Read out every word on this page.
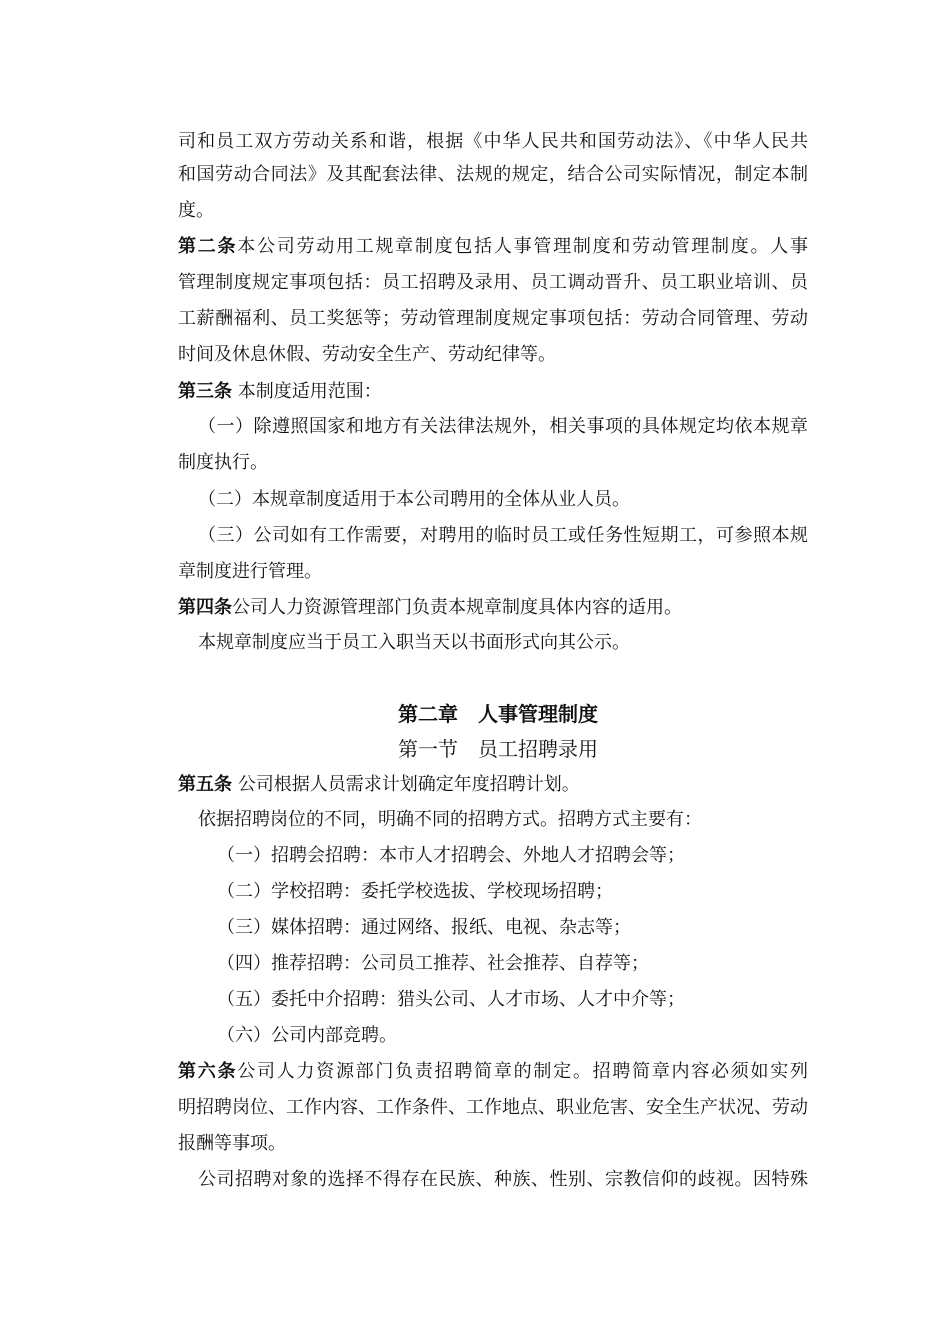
司和员工双方劳动关系和谐，根据《中华人民共和国劳动法》、《中华人民共
和国劳动合同法》及其配套法律、法规的规定，结合公司实际情况，制定本制
度。
第二条本公司劳动用工规章制度包括人事管理制度和劳动管理制度。人事
管理制度规定事项包括：员工招聘及录用、员工调动晋升、员工职业培训、员
工薪酬福利、员工奖惩等；劳动管理制度规定事项包括：劳动合同管理、劳动
时间及休息休假、劳动安全生产、劳动纪律等。
第三条 本制度适用范围：
（一）除遵照国家和地方有关法律法规外，相关事项的具体规定均依本规章
制度执行。
（二）本规章制度适用于本公司聘用的全体从业人员。
（三）公司如有工作需要，对聘用的临时员工或任务性短期工，可参照本规
章制度进行管理。
第四条公司人力资源管理部门负责本规章制度具体内容的适用。
本规章制度应当于员工入职当天以书面形式向其公示。
第二章　人事管理制度
第一节　员工招聘录用
第五条 公司根据人员需求计划确定年度招聘计划。
依据招聘岗位的不同，明确不同的招聘方式。招聘方式主要有：
（一）招聘会招聘：本市人才招聘会、外地人才招聘会等；
（二）学校招聘：委托学校选拔、学校现场招聘；
（三）媒体招聘：通过网络、报纸、电视、杂志等；
（四）推荐招聘：公司员工推荐、社会推荐、自荐等；
（五）委托中介招聘：猎头公司、人才市场、人才中介等；
（六）公司内部竞聘。
第六条公司人力资源部门负责招聘简章的制定。招聘简章内容必须如实列
明招聘岗位、工作内容、工作条件、工作地点、职业危害、安全生产状况、劳动
报酬等事项。
公司招聘对象的选择不得存在民族、种族、性别、宗教信仰的歧视。因特殊
